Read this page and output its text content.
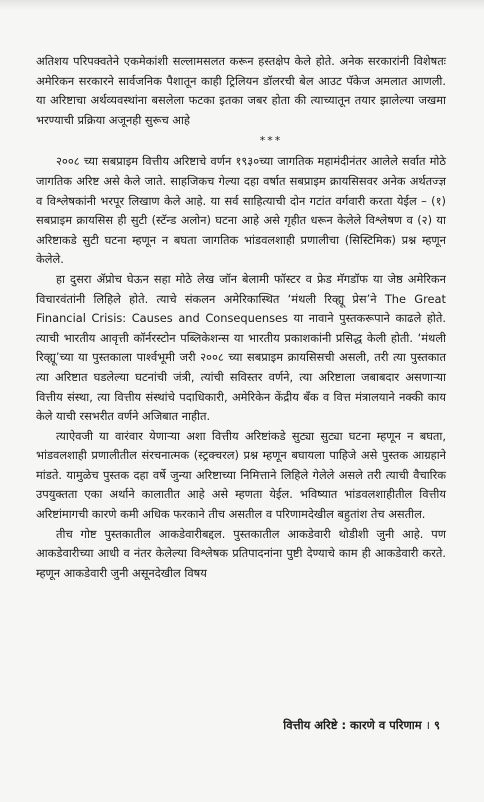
अतिशय परिपक्वतेने एकमेकांशी सल्लामसलत करून हस्तक्षेप केले होते. अनेक सरकारांनी विशेषतः अमेरिकन सरकारने सार्वजनिक पैशातून काही ट्रिलियन डॉलरची बेल आउट पॅकेज अमलात आणली. या अरिष्टाचा अर्थव्यवस्थांना बसलेला फटका इतका जबर होता की त्याच्यातून तयार झालेल्या जखमा भरण्याची प्रक्रिया अजूनही सुरूच आहे

***

२००८ च्या सबप्राइम वित्तीय अरिष्टाचे वर्णन १९३०च्या जागतिक महामंदीनंतर आलेले सर्वात मोठे जागतिक अरिष्ट असे केले जाते. साहजिकच गेल्या दहा वर्षात सबप्राइम क्रायसिसवर अनेक अर्थतज्ज्ञ व विश्लेषकांनी भरपूर लिखाण केले आहे. या सर्व साहित्याची दोन गटांत वर्गवारी करता येईल – (१) सबप्राइम क्रायसिस ही सुटी (स्टॅन्ड अलोन) घटना आहे असे गृहीत धरून केलेले विश्लेषण व (२) या अरिष्टाकडे सुटी घटना म्हणून न बघता जागतिक भांडवलशाही प्रणालीचा (सिस्टिमिक) प्रश्न म्हणून केलेले.

हा दुसरा ॲप्रोच घेऊन सहा मोठे लेख जॉन बेलामी फॉस्टर व फ्रेड मॅगडॉफ या जेष्ठ अमेरिकन विचारवंतांनी लिहिले होते. त्याचे संकलन अमेरिकास्थित ‘मंथली रिव्ह्यू प्रेस’ने The Great Financial Crisis: Causes and Consequenses या नावाने पुस्तकरूपाने काढले होते. त्याची भारतीय आवृत्ती कॉर्नरस्टोन पब्लिकेशन्स या भारतीय प्रकाशकांनी प्रसिद्ध केली होती. ‘मंथली रिव्ह्यू’च्या या पुस्तकाला पार्श्वभूमी जरी २००८ च्या सबप्राइम क्रायसिसची असली, तरी त्या पुस्तकात त्या अरिष्टात घडलेल्या घटनांची जंत्री, त्यांची सविस्तर वर्णने, त्या अरिष्टाला जबाबदार असणाऱ्या वित्तीय संस्था, त्या वित्तीय संस्थांचे पदाधिकारी, अमेरिकेन केंद्रीय बँक व वित्त मंत्रालयाने नक्की काय केले याची रसभरीत वर्णने अजिबात नाहीत.

त्याऐवजी या वारंवार येणाऱ्या अशा वित्तीय अरिष्टांकडे सुट्या सुट्या घटना म्हणून न बघता, भांडवलशाही प्रणालीतील संरचनात्मक (स्ट्रक्चरल) प्रश्न म्हणून बघायला पाहिजे असे पुस्तक आग्रहाने मांडते. यामुळेच पुस्तक दहा वर्षे जुन्या अरिष्टाच्या निमित्ताने लिहिले गेलेले असले तरी त्याची वैचारिक उपयुक्तता एका अर्थाने कालातीत आहे असे म्हणता येईल. भविष्यात भांडवलशाहीतील वित्तीय अरिष्टांमागची कारणे कमी अधिक फरकाने तीच असतील व परिणामदेखील बहुतांश तेच असतील.

तीच गोष्ट पुस्तकातील आकडेवारीबद्दल. पुस्तकातील आकडेवारी थोडीशी जुनी आहे. पण आकडेवारीच्या आधी व नंतर केलेल्या विश्लेषक प्रतिपादनांना पुष्टी देण्याचे काम ही आकडेवारी करते. म्हणून आकडेवारी जुनी असूनदेखील विषय

वित्तीय अरिष्टे : कारणे व परिणाम । ९
